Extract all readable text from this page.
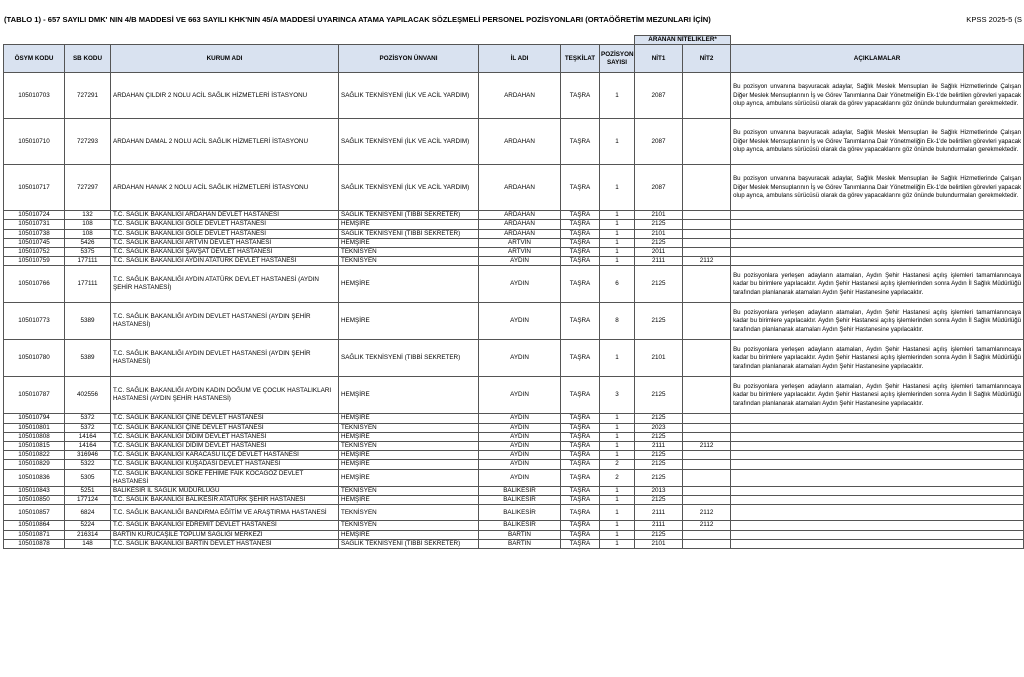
(TABLO 1) - 657 SAYILI DMK' NIN 4/B MADDESİ VE 663 SAYILI KHK'NIN 45/A MADDESİ UYARINCA ATAMA YAPILACAK SÖZLEŞMELİ PERSONEL POZİSYONLARI (ORTAÖĞRETİM MEZUNLARI İÇİN)	KPSS 2025-5 (S
							ARANAN NİTELİKLER*		
ÖSYM KODU	SB KODU	KURUM ADI	POZİSYON ÜNVANI	İL ADI	TEŞKİLAT	POZİSYON SAYISI	NİT1	NİT2	AÇIKLAMALAR
105010703	727291	ARDAHAN ÇILDIR 2 NOLU ACİL SAĞLIK HİZMETLERİ İSTASYONU	SAĞLIK TEKNİSYENİ (İLK VE ACİL YARDIM)	ARDAHAN	TAŞRA	1	2087		Bu pozisyon unvanına başvuracak adaylar, Sağlık Meslek Mensupları ile Sağlık Hizmetlerinde Çalışan Diğer Meslek Mensuplarının İş ve Görev Tanımlarına Dair Yönetmeliğin Ek-1'de belirtilen görevleri yapacak olup ayrıca, ambulans sürücüsü olarak da görev yapacaklarını göz önünde bulundurmaları gerekmektedir.
105010710	727293	ARDAHAN DAMAL 2 NOLU ACİL SAĞLIK HİZMETLERİ İSTASYONU	SAĞLIK TEKNİSYENİ (İLK VE ACİL YARDIM)	ARDAHAN	TAŞRA	1	2087		Bu pozisyon unvanına başvuracak adaylar, Sağlık Meslek Mensupları ile Sağlık Hizmetlerinde Çalışan Diğer Meslek Mensuplarının İş ve Görev Tanımlarına Dair Yönetmeliğin Ek-1'de belirtilen görevleri yapacak olup ayrıca, ambulans sürücüsü olarak da görev yapacaklarını göz önünde bulundurmaları gerekmektedir.
105010717	727297	ARDAHAN HANAK 2 NOLU ACİL SAĞLIK HİZMETLERİ İSTASYONU	SAĞLIK TEKNİSYENİ (İLK VE ACİL YARDIM)	ARDAHAN	TAŞRA	1	2087		Bu pozisyon unvanına başvuracak adaylar, Sağlık Meslek Mensupları ile Sağlık Hizmetlerinde Çalışan Diğer Meslek Mensuplarının İş ve Görev Tanımlarına Dair Yönetmeliğin Ek-1'de belirtilen görevleri yapacak olup ayrıca, ambulans sürücüsü olarak da görev yapacaklarını göz önünde bulundurmaları gerekmektedir.
105010724	132	T.C. SAĞLIK BAKANLIĞI ARDAHAN DEVLET HASTANESİ	SAĞLIK TEKNİSYENİ (TIBBİ SEKRETER)	ARDAHAN	TAŞRA	1	2101		
105010731	108	T.C. SAĞLIK BAKANLIĞI GÖLE DEVLET HASTANESİ	HEMŞİRE	ARDAHAN	TAŞRA	1	2125		
105010738	108	T.C. SAĞLIK BAKANLIĞI GÖLE DEVLET HASTANESİ	SAĞLIK TEKNİSYENİ (TIBBİ SEKRETER)	ARDAHAN	TAŞRA	1	2101		
105010745	5426	T.C. SAĞLIK BAKANLIĞI ARTVİN DEVLET HASTANESİ	HEMŞİRE	ARTVİN	TAŞRA	1	2125		
105010752	5375	T.C. SAĞLIK BAKANLIĞI ŞAVŞAT DEVLET HASTANESİ	TEKNİSYEN	ARTVİN	TAŞRA	1	2011		
105010759	177111	T.C. SAĞLIK BAKANLIĞI AYDIN ATATÜRK DEVLET HASTANESİ	TEKNİSYEN	AYDIN	TAŞRA	1	2111	2112	
105010766	177111	T.C. SAĞLIK BAKANLIĞI AYDIN ATATÜRK DEVLET HASTANESİ (AYDIN ŞEHİR HASTANESİ)	HEMŞİRE	AYDIN	TAŞRA	6	2125		Bu pozisyonlara yerleşen adayların atamaları, Aydın Şehir Hastanesi açılış işlemleri tamamlanıncaya kadar bu birimlere yapılacaktır. Aydın Şehir Hastanesi açılış işlemlerinden sonra Aydın İl Sağlık Müdürlüğü tarafından planlanarak atamaları Aydın Şehir Hastanesine yapılacaktır.
105010773	5389	T.C. SAĞLIK BAKANLIĞI AYDIN DEVLET HASTANESİ (AYDIN ŞEHİR HASTANESİ)	HEMŞİRE	AYDIN	TAŞRA	8	2125		Bu pozisyonlara yerleşen adayların atamaları, Aydın Şehir Hastanesi açılış işlemleri tamamlanıncaya kadar bu birimlere yapılacaktır. Aydın Şehir Hastanesi açılış işlemlerinden sonra Aydın İl Sağlık Müdürlüğü tarafından planlanarak atamaları Aydın Şehir Hastanesine yapılacaktır.
105010780	5389	T.C. SAĞLIK BAKANLIĞI AYDIN DEVLET HASTANESİ (AYDIN ŞEHİR HASTANESİ)	SAĞLIK TEKNİSYENİ (TIBBİ SEKRETER)	AYDIN	TAŞRA	1	2101		Bu pozisyonlara yerleşen adayların atamaları, Aydın Şehir Hastanesi açılış işlemleri tamamlanıncaya kadar bu birimlere yapılacaktır. Aydın Şehir Hastanesi açılış işlemlerinden sonra Aydın İl Sağlık Müdürlüğü tarafından planlanarak atamaları Aydın Şehir Hastanesine yapılacaktır.
105010787	402556	T.C. SAĞLIK BAKANLIĞI AYDIN KADIN DOĞUM VE ÇOCUK HASTALIKLARI HASTANESİ (AYDIN ŞEHİR HASTANESİ)	HEMŞİRE	AYDIN	TAŞRA	3	2125		Bu pozisyonlara yerleşen adayların atamaları, Aydın Şehir Hastanesi açılış işlemleri tamamlanıncaya kadar bu birimlere yapılacaktır. Aydın Şehir Hastanesi açılış işlemlerinden sonra Aydın İl Sağlık Müdürlüğü tarafından planlanarak atamaları Aydın Şehir Hastanesine yapılacaktır.
105010794	5372	T.C. SAĞLIK BAKANLIĞI ÇİNE DEVLET HASTANESİ	HEMŞİRE	AYDIN	TAŞRA	1	2125		
105010801	5372	T.C. SAĞLIK BAKANLIĞI ÇİNE DEVLET HASTANESİ	TEKNİSYEN	AYDIN	TAŞRA	1	2023		
105010808	14164	T.C. SAĞLIK BAKANLIĞI DİDİM DEVLET HASTANESİ	HEMŞİRE	AYDIN	TAŞRA	1	2125		
105010815	14164	T.C. SAĞLIK BAKANLIĞI DİDİM DEVLET HASTANESİ	TEKNİSYEN	AYDIN	TAŞRA	1	2111	2112	
105010822	316946	T.C. SAĞLIK BAKANLIĞI KARACASU İLÇE DEVLET HASTANESİ	HEMŞİRE	AYDIN	TAŞRA	1	2125		
105010829	5322	T.C. SAĞLIK BAKANLIĞI KUŞADASI DEVLET HASTANESİ	HEMŞİRE	AYDIN	TAŞRA	2	2125		
105010836	5305	T.C. SAĞLIK BAKANLIĞI SÖKE FEHİME FAİK KOCAGÖZ DEVLET HASTANESİ	HEMŞİRE	AYDIN	TAŞRA	2	2125		
105010843	5251	BALIKESİR İL SAĞLIK MÜDÜRLÜĞÜ	TEKNİSYEN	BALIKESİR	TAŞRA	1	2013		
105010850	177124	T.C. SAĞLIK BAKANLIĞI BALIKESİR ATATÜRK ŞEHİR HASTANESİ	HEMŞİRE	BALIKESİR	TAŞRA	1	2125		
105010857	6824	T.C. SAĞLIK BAKANLIĞI BANDIRMA EĞİTİM VE ARAŞTIRMA HASTANESİ	TEKNİSYEN	BALIKESİR	TAŞRA	1	2111	2112	
105010864	5224	T.C. SAĞLIK BAKANLIĞI EDREMİT DEVLET HASTANESİ	TEKNİSYEN	BALIKESİR	TAŞRA	1	2111	2112	
105010871	216314	BARTIN KURUCAŞİLE TOPLUM SAĞLIĞI MERKEZİ	HEMŞİRE	BARTIN	TAŞRA	1	2125		
105010878	148	T.C. SAĞLIK BAKANLIĞI BARTIN DEVLET HASTANESİ	SAĞLIK TEKNİSYENİ (TIBBİ SEKRETER)	BARTIN	TAŞRA	1	2101		
